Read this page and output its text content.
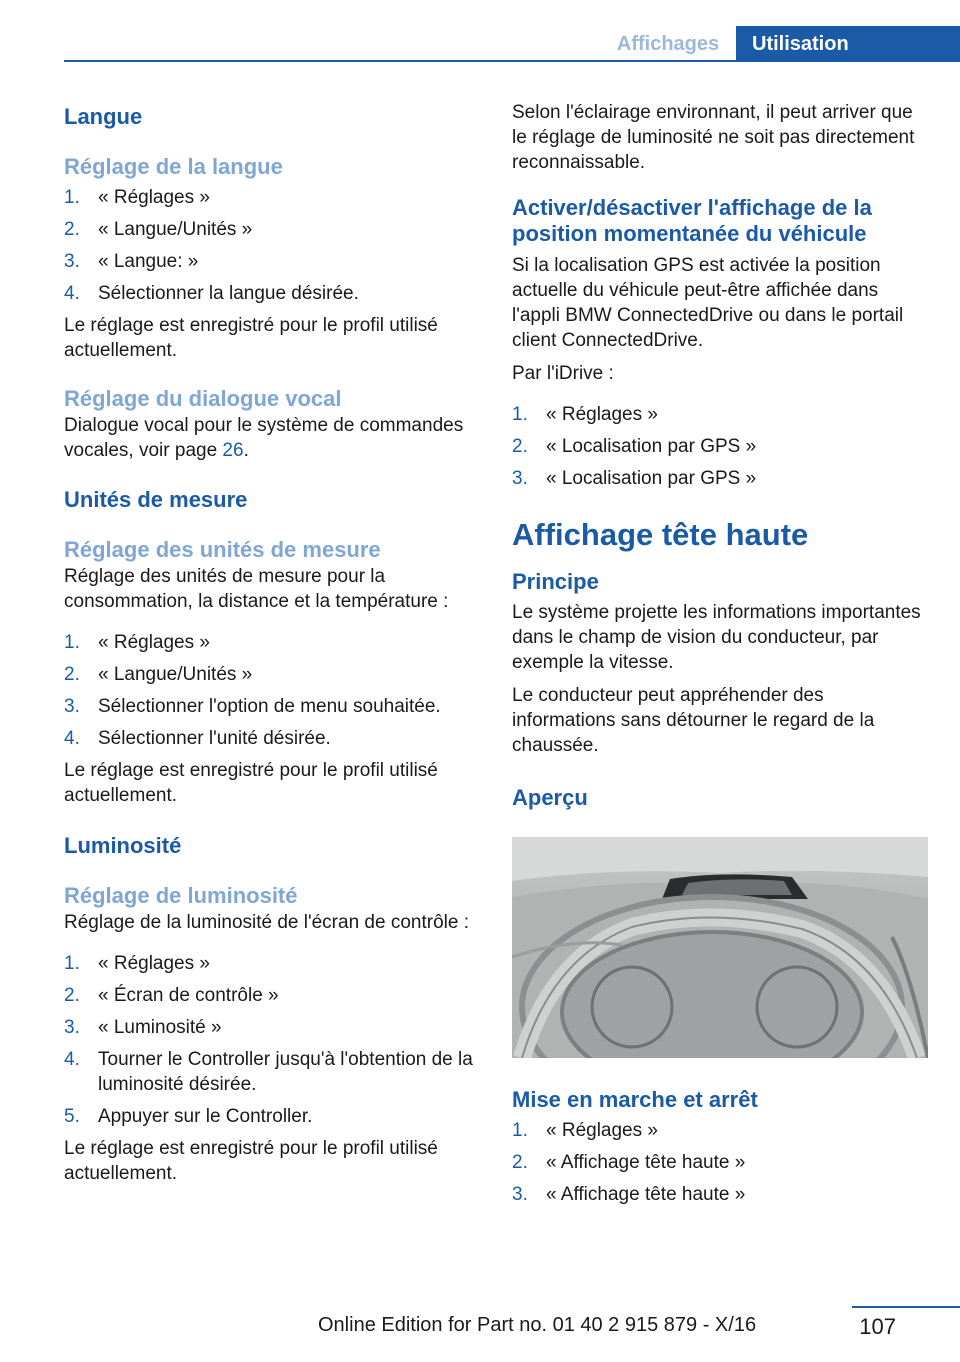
Affichages	Utilisation
Langue
Réglage de la langue
1. « Réglages »
2. « Langue/Unités »
3. « Langue: »
4. Sélectionner la langue désirée.

Le réglage est enregistré pour le profil utilisé actuellement.

Réglage du dialogue vocal

Dialogue vocal pour le système de commandes vocales, voir page 26.

Unités de mesure
Réglage des unités de mesure

Réglage des unités de mesure pour la consommation, la distance et la température :

1. « Réglages »
2. « Langue/Unités »
3. Sélectionner l'option de menu souhaitée.
4. Sélectionner l'unité désirée.

Le réglage est enregistré pour le profil utilisé actuellement.

Luminosité
Réglage de luminosité

Réglage de la luminosité de l'écran de contrôle :

1. « Réglages »
2. « Écran de contrôle »
3. « Luminosité »
4. Tourner le Controller jusqu'à l'obtention de la luminosité désirée.
5. Appuyer sur le Controller.

Le réglage est enregistré pour le profil utilisé actuellement.

Selon l'éclairage environnant, il peut arriver que le réglage de luminosité ne soit pas directement reconnaissable.

Activer/désactiver l'affichage de la position momentanée du véhicule

Si la localisation GPS est activée la position actuelle du véhicule peut-être affichée dans l'appli BMW ConnectedDrive ou dans le portail client ConnectedDrive.

Par l'iDrive :

1. « Réglages »
2. « Localisation par GPS »
3. « Localisation par GPS »
Affichage tête haute
Principe

Le système projette les informations importantes dans le champ de vision du conducteur, par exemple la vitesse.

Le conducteur peut appréhender des informations sans détourner le regard de la chaussée.

Aperçu
Mise en marche et arrêt
1. « Réglages »
2. « Affichage tête haute »
3. « Affichage tête haute »
107
Online Edition for Part no. 01 40 2 915 879 - X/16
